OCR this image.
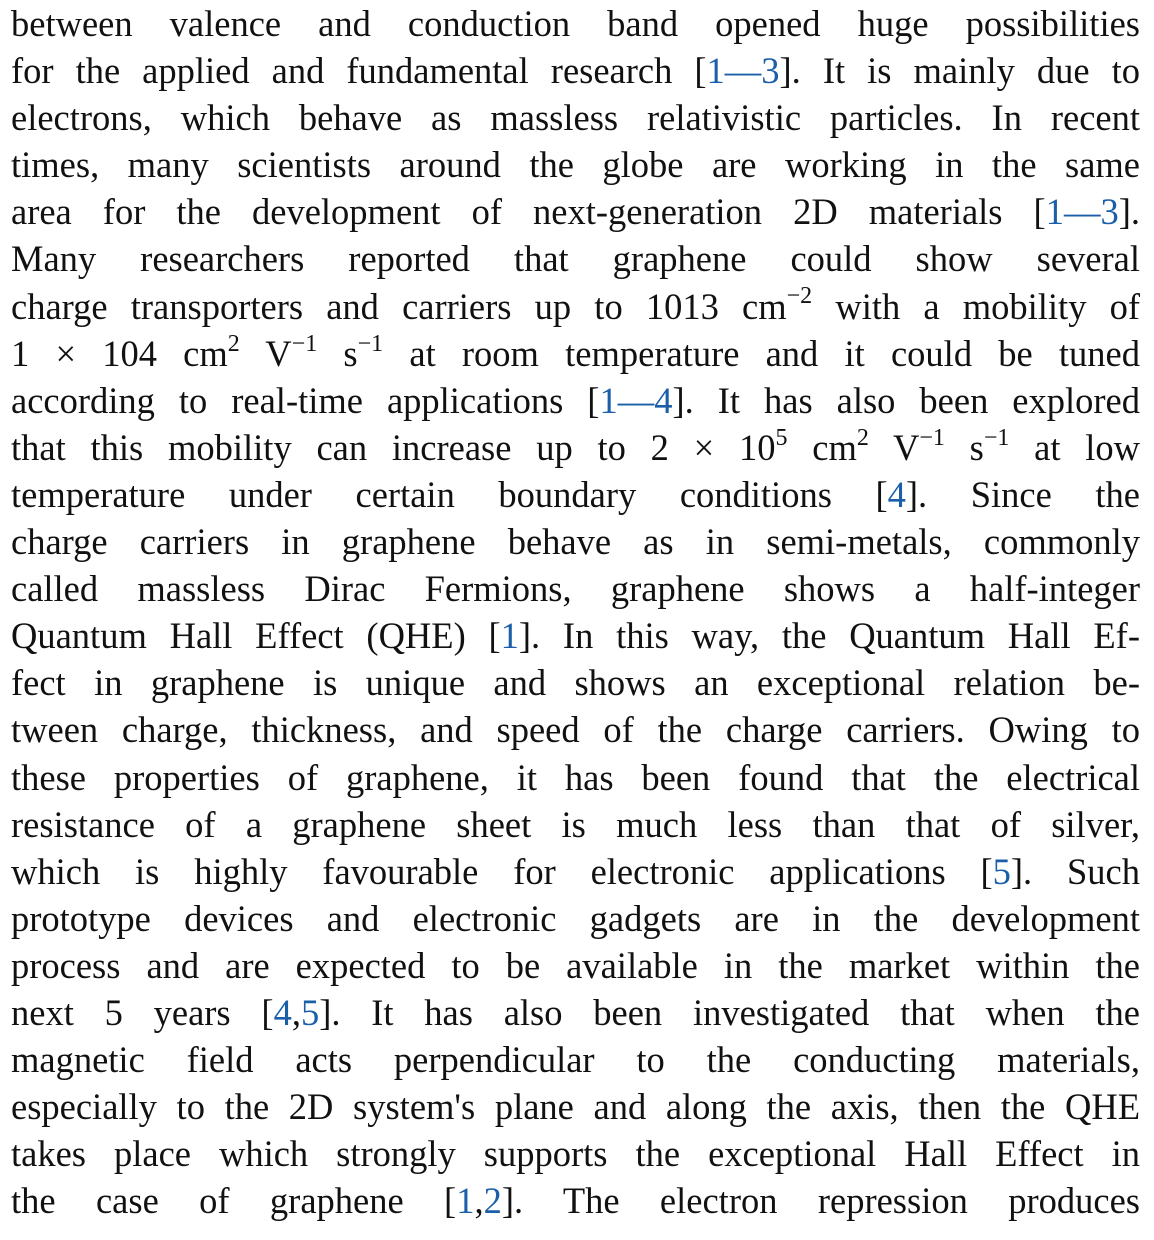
between valence and conduction band opened huge possibilities
for the applied and fundamental research [1—3]. It is mainly due to
electrons, which behave as massless relativistic particles. In recent
times, many scientists around the globe are working in the same
area for the development of next-generation 2D materials [1—3].
Many researchers reported that graphene could show several
charge transporters and carriers up to 1013 $cm^{-2}$ with a mobility of
1 × 104 $cm^2$ $V^{-1}$ $s^{-1}$ at room temperature and it could be tuned
according to real-time applications [1—4]. It has also been explored
that this mobility can increase up to $2 \times 10^5$ $cm^2$ $V^{-1}$ $s^{-1}$ at low
temperature under certain boundary conditions [4]. Since the
charge carriers in graphene behave as in semi-metals, commonly
called massless Dirac Fermions, graphene shows a half-integer
Quantum Hall Effect (QHE) [1]. In this way, the Quantum Hall Ef-
fect in graphene is unique and shows an exceptional relation be-
tween charge, thickness, and speed of the charge carriers. Owing to
these properties of graphene, it has been found that the electrical
resistance of a graphene sheet is much less than that of silver,
which is highly favourable for electronic applications [5]. Such
prototype devices and electronic gadgets are in the development
process and are expected to be available in the market within the
next 5 years [4,5]. It has also been investigated that when the
magnetic field acts perpendicular to the conducting materials,
especially to the 2D system's plane and along the axis, then the QHE
takes place which strongly supports the exceptional Hall Effect in
the case of graphene [1,2]. The electron repression produces
